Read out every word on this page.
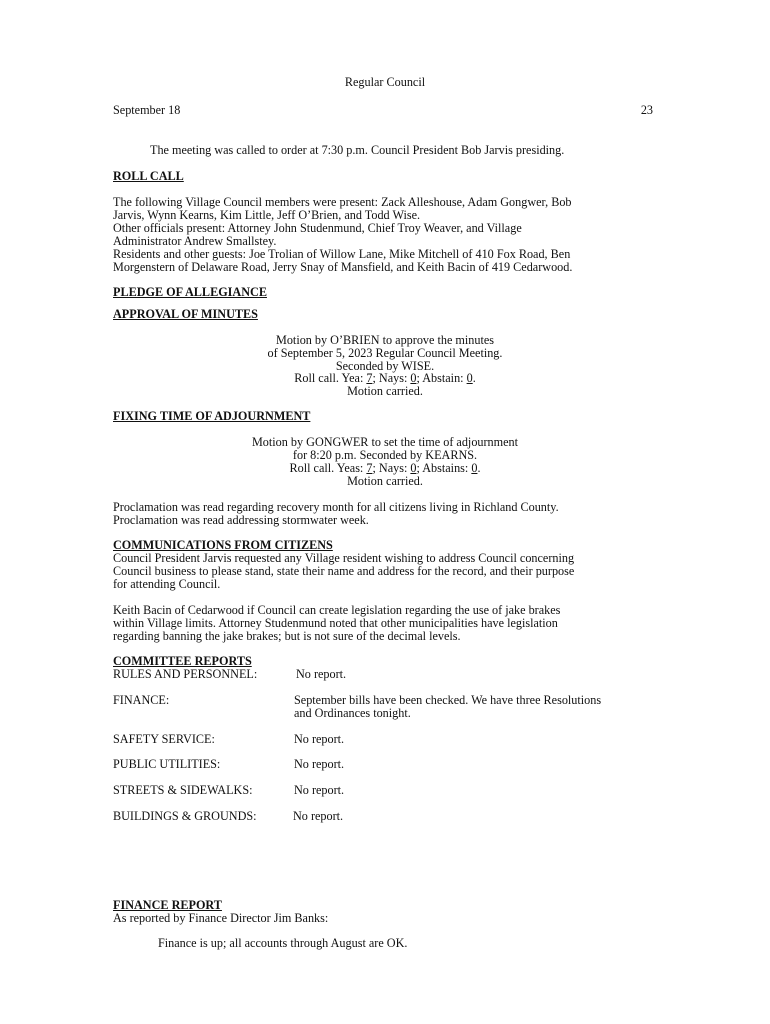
Regular Council
September 18	23
The meeting was called to order at 7:30 p.m. Council President Bob Jarvis presiding.
ROLL CALL
The following Village Council members were present: Zack Alleshouse, Adam Gongwer, Bob
Jarvis, Wynn Kearns, Kim Little, Jeff O’Brien, and Todd Wise.
Other officials present: Attorney John Studenmund, Chief Troy Weaver, and Village
Administrator Andrew Smallstey.
Residents and other guests: Joe Trolian of Willow Lane, Mike Mitchell of 410 Fox Road, Ben
Morgenstern of Delaware Road, Jerry Snay of Mansfield, and Keith Bacin of 419 Cedarwood.
PLEDGE OF ALLEGIANCE
APPROVAL OF MINUTES
Motion by O’BRIEN to approve the minutes
of September 5, 2023 Regular Council Meeting.
Seconded by WISE.
Roll call. Yea: 7; Nays: 0; Abstain: 0.
Motion carried.
FIXING TIME OF ADJOURNMENT
Motion by GONGWER to set the time of adjournment
for 8:20 p.m. Seconded by KEARNS.
Roll call. Yeas: 7; Nays: 0; Abstains: 0.
Motion carried.
Proclamation was read regarding recovery month for all citizens living in Richland County.
Proclamation was read addressing stormwater week.
COMMUNICATIONS FROM CITIZENS
Council President Jarvis requested any Village resident wishing to address Council concerning
Council business to please stand, state their name and address for the record, and their purpose
for attending Council.
Keith Bacin of Cedarwood if Council can create legislation regarding the use of jake brakes
within Village limits. Attorney Studenmund noted that other municipalities have legislation
regarding banning the jake brakes; but is not sure of the decimal levels.
COMMITTEE REPORTS
RULES AND PERSONNEL:	No report.
FINANCE:	September bills have been checked. We have three Resolutions
and Ordinances tonight.
SAFETY SERVICE:	No report.
PUBLIC UTILITIES:	No report.
STREETS & SIDEWALKS:	No report.
BUILDINGS & GROUNDS:	No report.
FINANCE REPORT
As reported by Finance Director Jim Banks:
Finance is up; all accounts through August are OK.
